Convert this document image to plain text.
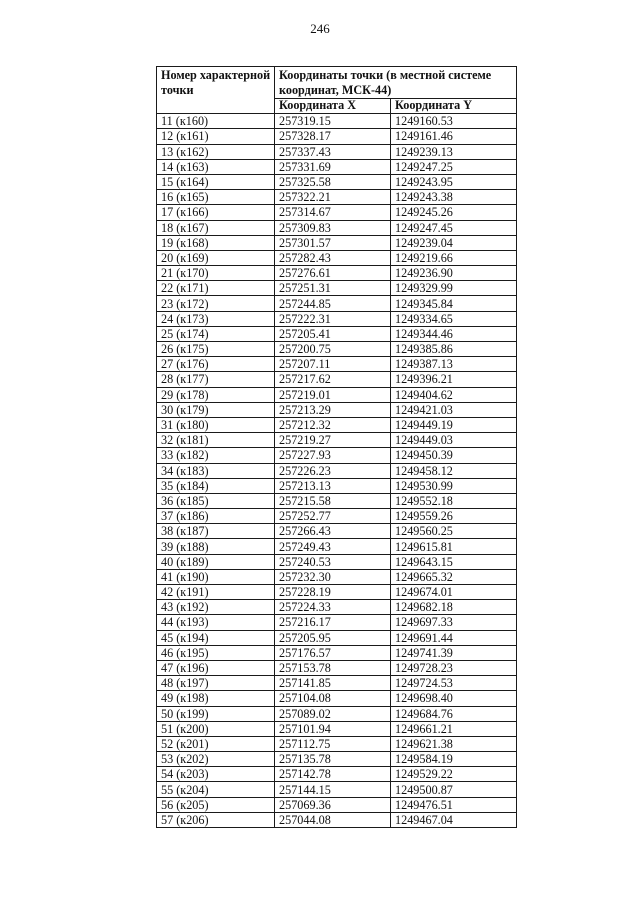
246
Номер характерной точки	Координаты точки (в местной системе координат, МСК-44)	
	Координата X	Координата Y
11 (к160)	257319.15	1249160.53
12 (к161)	257328.17	1249161.46
13 (к162)	257337.43	1249239.13
14 (к163)	257331.69	1249247.25
15 (к164)	257325.58	1249243.95
16 (к165)	257322.21	1249243.38
17 (к166)	257314.67	1249245.26
18 (к167)	257309.83	1249247.45
19 (к168)	257301.57	1249239.04
20 (к169)	257282.43	1249219.66
21 (к170)	257276.61	1249236.90
22 (к171)	257251.31	1249329.99
23 (к172)	257244.85	1249345.84
24 (к173)	257222.31	1249334.65
25 (к174)	257205.41	1249344.46
26 (к175)	257200.75	1249385.86
27 (к176)	257207.11	1249387.13
28 (к177)	257217.62	1249396.21
29 (к178)	257219.01	1249404.62
30 (к179)	257213.29	1249421.03
31 (к180)	257212.32	1249449.19
32 (к181)	257219.27	1249449.03
33 (к182)	257227.93	1249450.39
34 (к183)	257226.23	1249458.12
35 (к184)	257213.13	1249530.99
36 (к185)	257215.58	1249552.18
37 (к186)	257252.77	1249559.26
38 (к187)	257266.43	1249560.25
39 (к188)	257249.43	1249615.81
40 (к189)	257240.53	1249643.15
41 (к190)	257232.30	1249665.32
42 (к191)	257228.19	1249674.01
43 (к192)	257224.33	1249682.18
44 (к193)	257216.17	1249697.33
45 (к194)	257205.95	1249691.44
46 (к195)	257176.57	1249741.39
47 (к196)	257153.78	1249728.23
48 (к197)	257141.85	1249724.53
49 (к198)	257104.08	1249698.40
50 (к199)	257089.02	1249684.76
51 (к200)	257101.94	1249661.21
52 (к201)	257112.75	1249621.38
53 (к202)	257135.78	1249584.19
54 (к203)	257142.78	1249529.22
55 (к204)	257144.15	1249500.87
56 (к205)	257069.36	1249476.51
57 (к206)	257044.08	1249467.04
